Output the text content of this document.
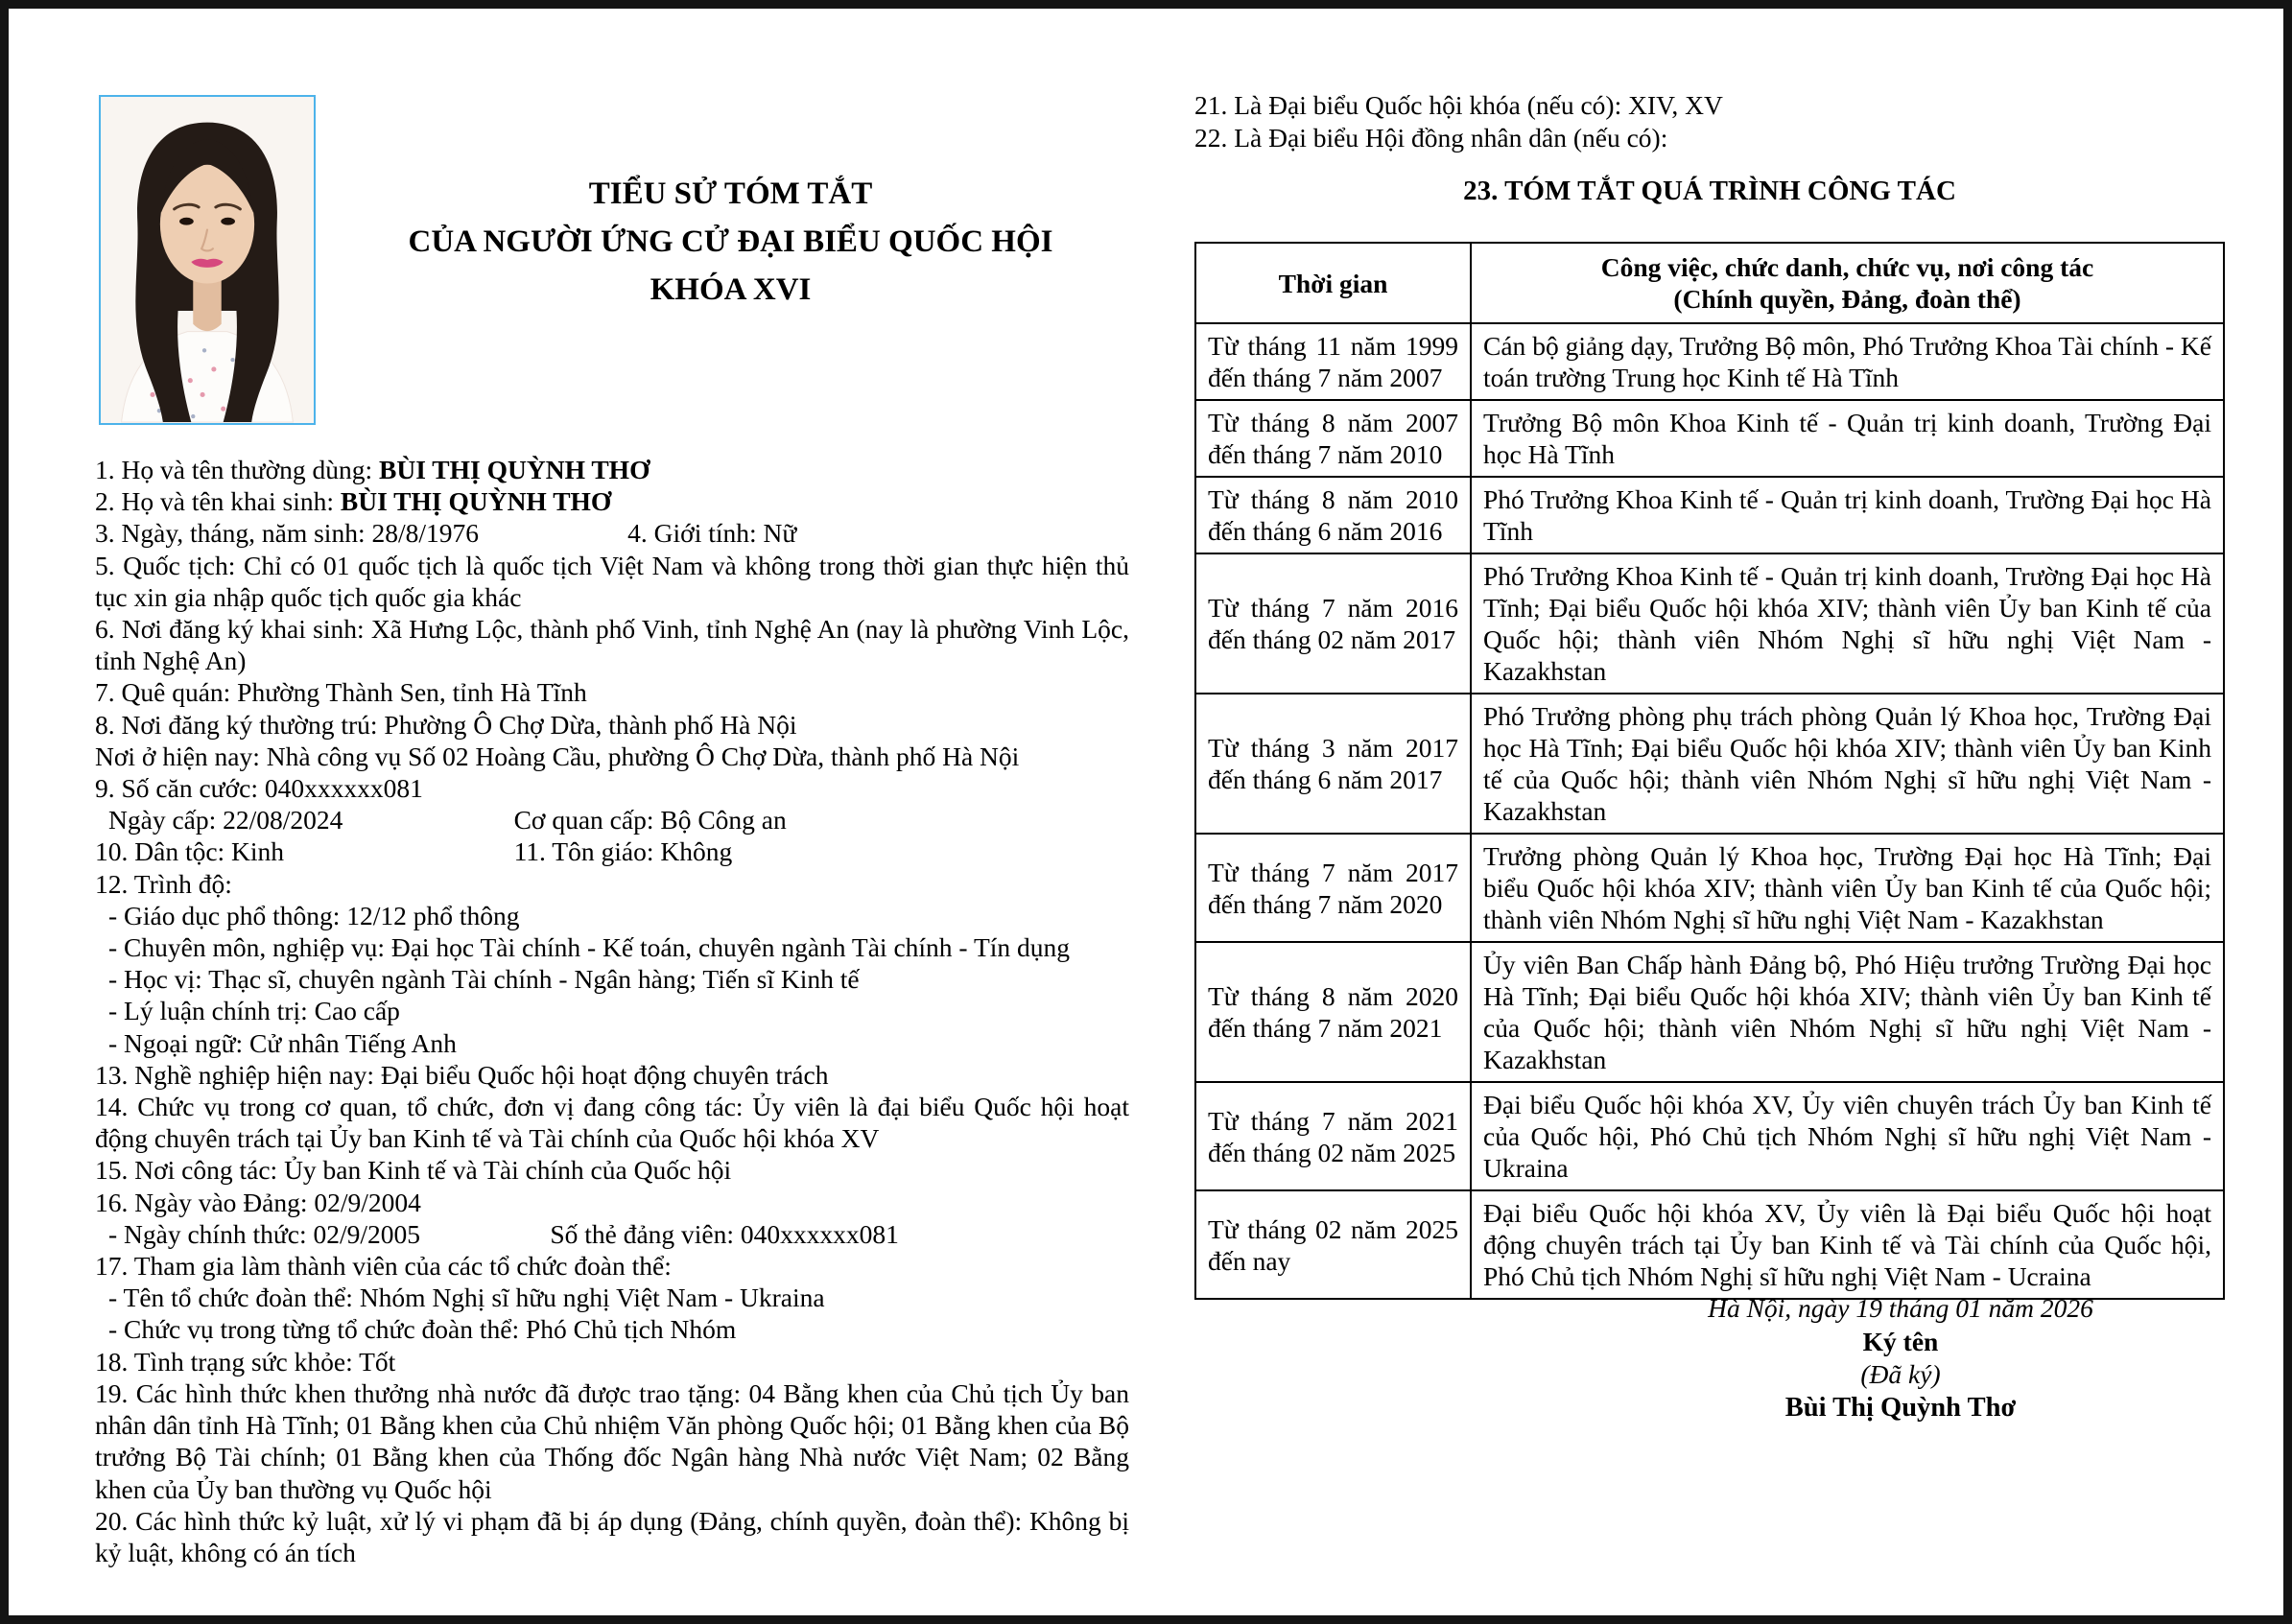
TIỂU SỬ TÓM TẮT
CỦA NGƯỜI ỨNG CỬ ĐẠI BIỂU QUỐC HỘI
KHÓA XVI
1. Họ và tên thường dùng: BÙI THỊ QUỲNH THƠ
2. Họ và tên khai sinh: BÙI THỊ QUỲNH THƠ
3. Ngày, tháng, năm sinh: 28/8/1976	4. Giới tính: Nữ
5. Quốc tịch: Chỉ có 01 quốc tịch là quốc tịch Việt Nam và không trong thời gian thực hiện thủ tục xin gia nhập quốc tịch quốc gia khác
6. Nơi đăng ký khai sinh: Xã Hưng Lộc, thành phố Vinh, tỉnh Nghệ An (nay là phường Vinh Lộc, tỉnh Nghệ An)
7. Quê quán: Phường Thành Sen, tỉnh Hà Tĩnh
8. Nơi đăng ký thường trú: Phường Ô Chợ Dừa, thành phố Hà Nội
Nơi ở hiện nay: Nhà công vụ Số 02 Hoàng Cầu, phường Ô Chợ Dừa, thành phố Hà Nội
9. Số căn cước: 040xxxxxx081
Ngày cấp: 22/08/2024	Cơ quan cấp: Bộ Công an
10. Dân tộc: Kinh	11. Tôn giáo: Không
12. Trình độ:
- Giáo dục phổ thông: 12/12 phổ thông
- Chuyên môn, nghiệp vụ: Đại học Tài chính - Kế toán, chuyên ngành Tài chính - Tín dụng
- Học vị: Thạc sĩ, chuyên ngành Tài chính - Ngân hàng; Tiến sĩ Kinh tế
- Lý luận chính trị: Cao cấp
- Ngoại ngữ: Cử nhân Tiếng Anh
13. Nghề nghiệp hiện nay: Đại biểu Quốc hội hoạt động chuyên trách
14. Chức vụ trong cơ quan, tổ chức, đơn vị đang công tác: Ủy viên là đại biểu Quốc hội hoạt động chuyên trách tại Ủy ban Kinh tế và Tài chính của Quốc hội khóa XV
15. Nơi công tác: Ủy ban Kinh tế và Tài chính của Quốc hội
16. Ngày vào Đảng: 02/9/2004
- Ngày chính thức: 02/9/2005	Số thẻ đảng viên: 040xxxxxx081
17. Tham gia làm thành viên của các tổ chức đoàn thể:
- Tên tổ chức đoàn thể: Nhóm Nghị sĩ hữu nghị Việt Nam - Ukraina
- Chức vụ trong từng tổ chức đoàn thể: Phó Chủ tịch Nhóm
18. Tình trạng sức khỏe: Tốt
19. Các hình thức khen thưởng nhà nước đã được trao tặng: 04 Bằng khen của Chủ tịch Ủy ban nhân dân tỉnh Hà Tĩnh; 01 Bằng khen của Chủ nhiệm Văn phòng Quốc hội; 01 Bằng khen của Bộ trưởng Bộ Tài chính; 01 Bằng khen của Thống đốc Ngân hàng Nhà nước Việt Nam; 02 Bằng khen của Ủy ban thường vụ Quốc hội
20. Các hình thức kỷ luật, xử lý vi phạm đã bị áp dụng (Đảng, chính quyền, đoàn thể): Không bị kỷ luật, không có án tích
21. Là Đại biểu Quốc hội khóa (nếu có): XIV, XV
22. Là Đại biểu Hội đồng nhân dân (nếu có):
23. TÓM TẮT QUÁ TRÌNH CÔNG TÁC
Thời gian	Công việc, chức danh, chức vụ, nơi công tác
(Chính quyền, Đảng, đoàn thể)

Từ tháng 11 năm 1999 đến tháng 7 năm 2007	Cán bộ giảng dạy, Trưởng Bộ môn, Phó Trưởng Khoa Tài chính - Kế toán trường Trung học Kinh tế Hà Tĩnh
Từ tháng 8 năm 2007 đến tháng 7 năm 2010	Trưởng Bộ môn Khoa Kinh tế - Quản trị kinh doanh, Trường Đại học Hà Tĩnh
Từ tháng 8 năm 2010 đến tháng 6 năm 2016	Phó Trưởng Khoa Kinh tế - Quản trị kinh doanh, Trường Đại học Hà Tĩnh
Từ tháng 7 năm 2016 đến tháng 02 năm 2017	Phó Trưởng Khoa Kinh tế - Quản trị kinh doanh, Trường Đại học Hà Tĩnh; Đại biểu Quốc hội khóa XIV; thành viên Ủy ban Kinh tế của Quốc hội; thành viên Nhóm Nghị sĩ hữu nghị Việt Nam - Kazakhstan
Từ tháng 3 năm 2017 đến tháng 6 năm 2017	Phó Trưởng phòng phụ trách phòng Quản lý Khoa học, Trường Đại học Hà Tĩnh; Đại biểu Quốc hội khóa XIV; thành viên Ủy ban Kinh tế của Quốc hội; thành viên Nhóm Nghị sĩ hữu nghị Việt Nam - Kazakhstan
Từ tháng 7 năm 2017 đến tháng 7 năm 2020	Trưởng phòng Quản lý Khoa học, Trường Đại học Hà Tĩnh; Đại biểu Quốc hội khóa XIV; thành viên Ủy ban Kinh tế của Quốc hội; thành viên Nhóm Nghị sĩ hữu nghị Việt Nam - Kazakhstan
Từ tháng 8 năm 2020 đến tháng 7 năm 2021	Ủy viên Ban Chấp hành Đảng bộ, Phó Hiệu trưởng Trường Đại học Hà Tĩnh; Đại biểu Quốc hội khóa XIV; thành viên Ủy ban Kinh tế của Quốc hội; thành viên Nhóm Nghị sĩ hữu nghị Việt Nam - Kazakhstan
Từ tháng 7 năm 2021 đến tháng 02 năm 2025	Đại biểu Quốc hội khóa XV, Ủy viên chuyên trách Ủy ban Kinh tế của Quốc hội, Phó Chủ tịch Nhóm Nghị sĩ hữu nghị Việt Nam - Ukraina
Từ tháng 02 năm 2025 đến nay	Đại biểu Quốc hội khóa XV, Ủy viên là Đại biểu Quốc hội hoạt động chuyên trách tại Ủy ban Kinh tế và Tài chính của Quốc hội, Phó Chủ tịch Nhóm Nghị sĩ hữu nghị Việt Nam - Ucraina
Hà Nội, ngày 19 tháng 01 năm 2026
Ký tên
(Đã ký)
Bùi Thị Quỳnh Thơ
